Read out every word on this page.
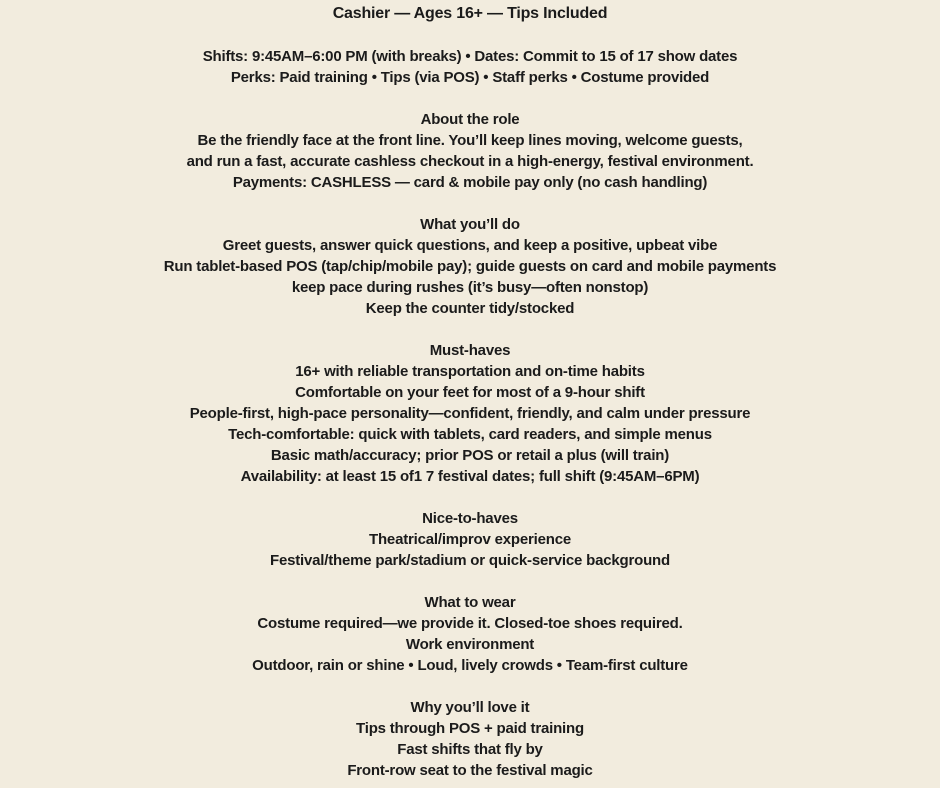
Cashier — Ages 16+ — Tips Included
Shifts: 9:45AM–6:00 PM (with breaks) • Dates: Commit to 15 of 17 show dates
Perks: Paid training • Tips (via POS) • Staff perks • Costume provided
About the role
Be the friendly face at the front line. You’ll keep lines moving, welcome guests,
and run a fast, accurate cashless checkout in a high-energy, festival environment.
Payments: CASHLESS — card & mobile pay only (no cash handling)
What you’ll do
Greet guests, answer quick questions, and keep a positive, upbeat vibe
Run tablet-based POS (tap/chip/mobile pay); guide guests on card and mobile payments
keep pace during rushes (it’s busy—often nonstop)
Keep the counter tidy/stocked
Must-haves
16+ with reliable transportation and on-time habits
Comfortable on your feet for most of a 9-hour shift
People-first, high-pace personality—confident, friendly, and calm under pressure
Tech-comfortable: quick with tablets, card readers, and simple menus
Basic math/accuracy; prior POS or retail a plus (will train)
Availability: at least 15 of1 7 festival dates; full shift (9:45AM–6PM)
Nice-to-haves
Theatrical/improv experience
Festival/theme park/stadium or quick-service background
What to wear
Costume required—we provide it. Closed-toe shoes required.
Work environment
Outdoor, rain or shine • Loud, lively crowds • Team-first culture
Why you’ll love it
Tips through POS + paid training
Fast shifts that fly by
Front-row seat to the festival magic
